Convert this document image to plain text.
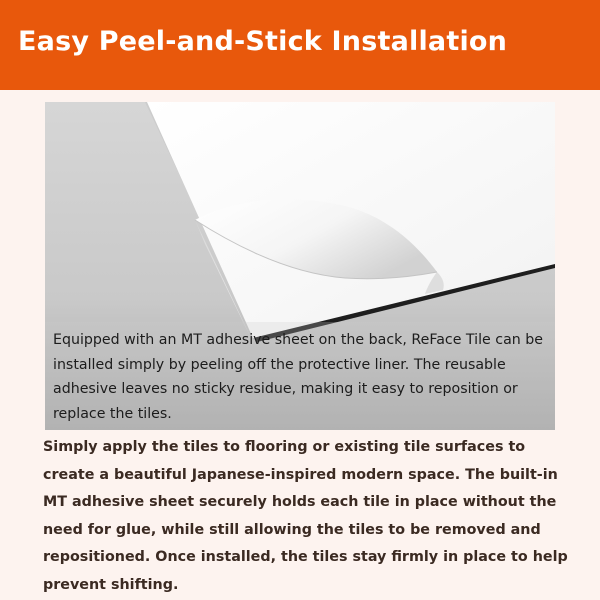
Easy Peel-and-Stick Installation

Equipped with an MT adhesive sheet on the back, ReFace Tile can be installed simply by peeling off the protective liner. The reusable adhesive leaves no sticky residue, making it easy to reposition or replace the tiles.

Simply apply the tiles to flooring or existing tile surfaces to create a beautiful Japanese-inspired modern space. The built-in MT adhesive sheet securely holds each tile in place without the need for glue, while still allowing the tiles to be removed and repositioned. Once installed, the tiles stay firmly in place to help prevent shifting.
